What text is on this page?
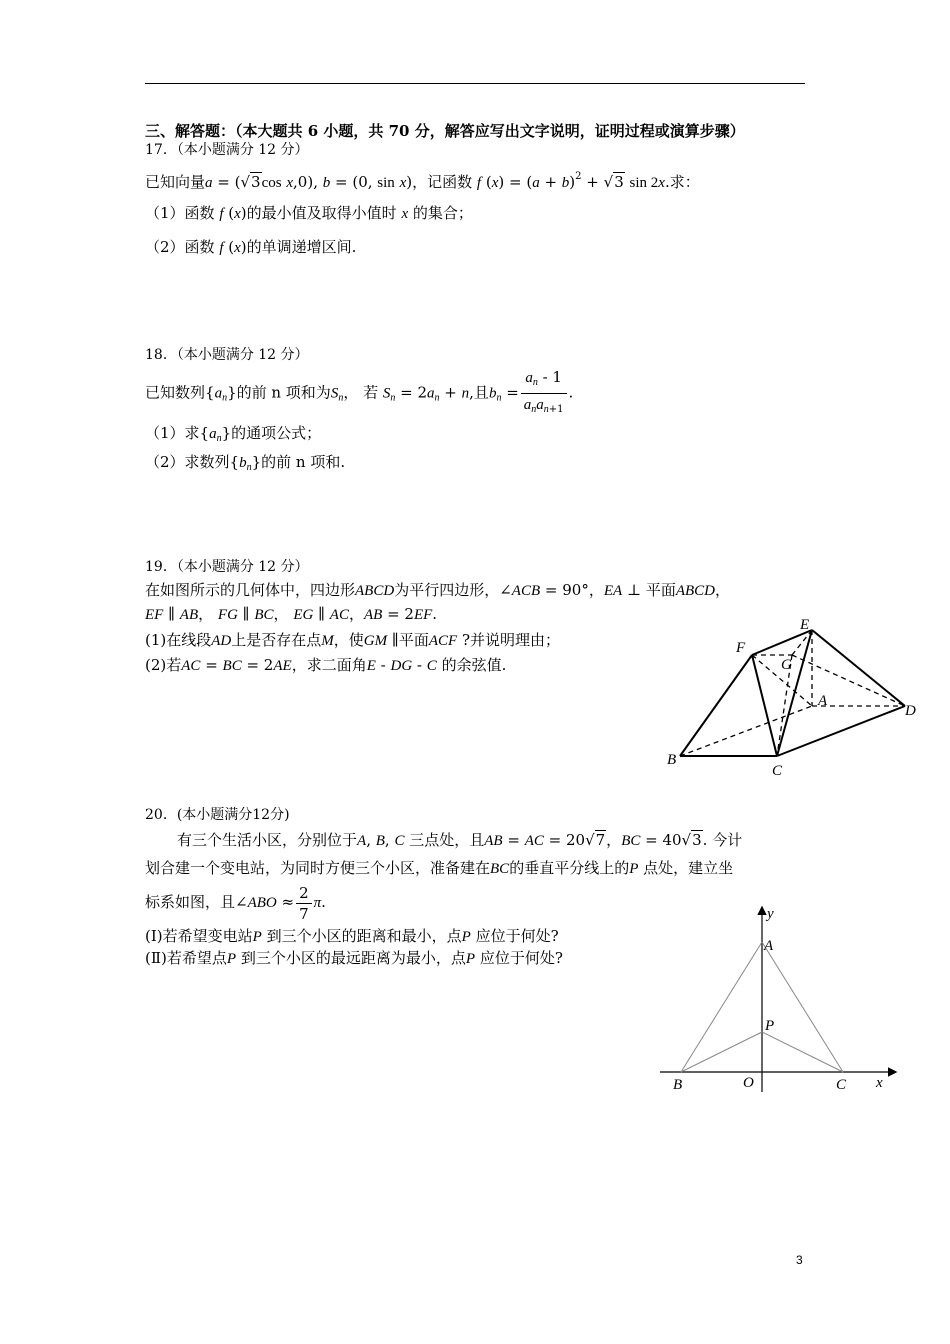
三、解答题：（本大题共 6 小题，共 70 分，解答应写出文字说明，证明过程或演算步骤）
17．（本小题满分 12 分）
已知向量a = (√3cos x,0), b = (0, sin x)，记函数 f $(x) = (a + b)^2 + √3$ sin 2x.求：
（1）函数 f (x)的最小值及取得小值时 x 的集合；
（2）函数 f (x)的单调递增区间.
18．（本小题满分 12 分）
已知数列$\{a_n\}$的前 n 项和为$S_n$， 若 $S_n = 2a_n + n$,且$b_n = \frac{a_n - 1}{a_na_{n+1}}$ .
（1）求$\{a_n\}$的通项公式；
（2）求数列$\{b_n\}$的前 n 项和.
19．（本小题满分 12 分）
在如图所示的几何体中，四边形ABCD为平行四边形，∠ACB = 90°，EA ⊥ 平面ABCD，
EF ∥ AB， FG ∥ BC， EG ∥ AC，AB = 2EF.
(1)在线段AD上是否存在点M，使GM ∥平面ACF ?并说明理由；
(2)若AC = BC = 2AE，求二面角E - DG - C 的余弦值.
E
F
G
A
D
B
C
20．(本小题满分12分)
有三个生活小区，分别位于A, B, C 三点处，且AB = AC = 20√7，BC = 40√3. 今计
划合建一个变电站，为同时方便三个小区，准备建在BC的垂直平分线上的P 点处，建立坐
标系如图，且∠ABO ≈ $\frac{2}{7} \pi$.
(Ⅰ)若希望变电站P 到三个小区的距离和最小，点P 应位于何处?
(Ⅱ)若希望点P 到三个小区的最远距离为最小，点P 应位于何处?
y
A
P
B	O	C x
3
